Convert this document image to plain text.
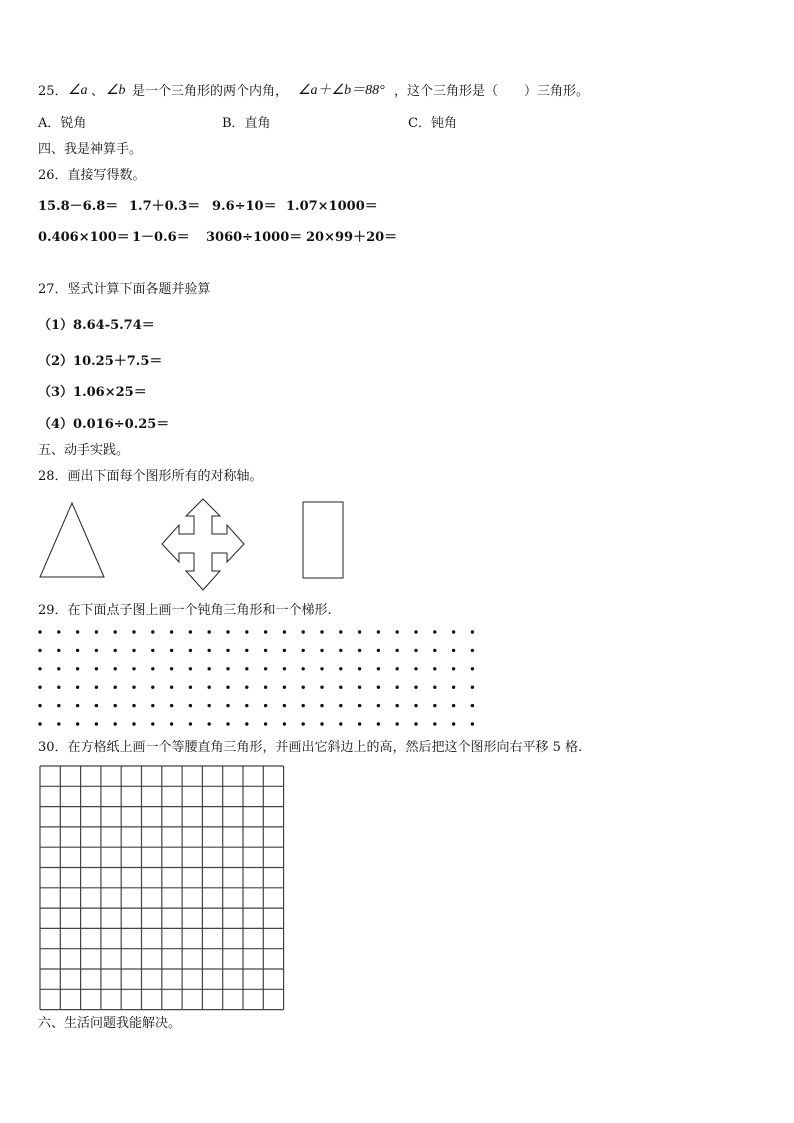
25． ∠a 、 ∠b 是一个三角形的两个内角， ∠a＋∠b＝88° ，这个三角形是（　　）三角形。
A．锐角	B．直角	C．钝角
四、我是神算手。
26．直接写得数。
15.8－6.8＝ 1.7＋0.3＝ 9.6÷10＝ 1.07×1000＝
0.406×100＝ 1－0.6＝ 3060÷1000＝ 20×99＋20＝
27．竖式计算下面各题并验算
（1）8.64-5.74＝
（2）10.25＋7.5＝
（3）1.06×25＝
（4）0.016÷0.25＝
五、动手实践。
28．画出下面每个图形所有的对称轴。
29．在下面点子图上画一个钝角三角形和一个梯形.
30．在方格纸上画一个等腰直角三角形，并画出它斜边上的高，然后把这个图形向右平移 5 格.
六、生活问题我能解决。
